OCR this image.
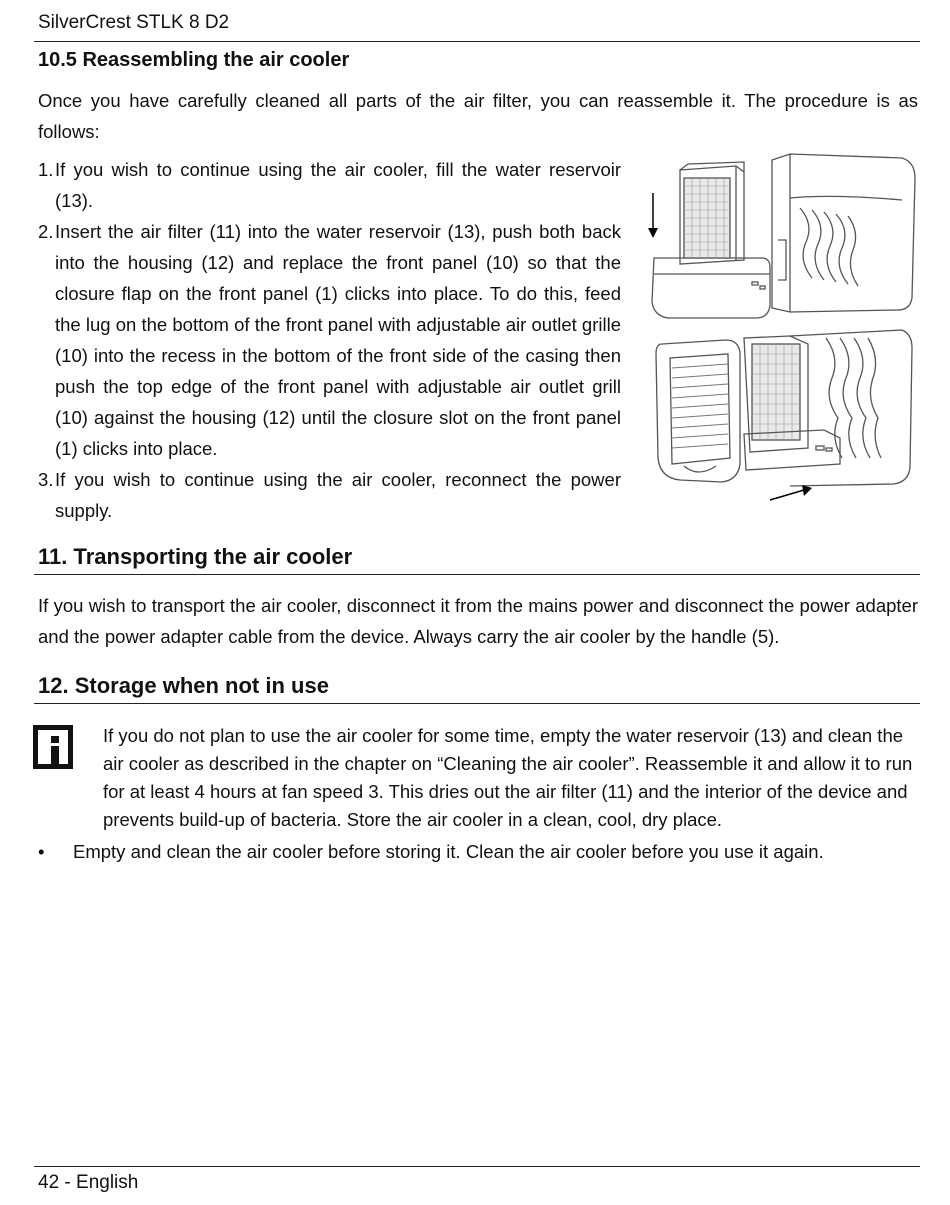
SilverCrest STLK 8 D2
10.5 Reassembling the air cooler
Once you have carefully cleaned all parts of the air filter, you can reassemble it. The procedure is as follows:
1. If you wish to continue using the air cooler, fill the water reservoir (13).
2. Insert the air filter (11) into the water reservoir (13), push both back into the housing (12) and replace the front panel (10) so that the closure flap on the front panel (1) clicks into place. To do this, feed the lug on the bottom of the front panel with adjustable air outlet grille (10) into the recess in the bottom of the front side of the casing then push the top edge of the front panel with adjustable air outlet grill (10) against the housing (12) until the closure slot on the front panel (1) clicks into place.
3. If you wish to continue using the air cooler, reconnect the power supply.
11. Transporting the air cooler
If you wish to transport the air cooler, disconnect it from the mains power and disconnect the power adapter and the power adapter cable from the device. Always carry the air cooler by the handle (5).
12. Storage when not in use
If you do not plan to use the air cooler for some time, empty the water reservoir (13) and clean the air cooler as described in the chapter on “Cleaning the air cooler”. Reassemble it and allow it to run for at least 4 hours at fan speed 3. This dries out the air filter (11) and the interior of the device and prevents build-up of bacteria. Store the air cooler in a clean, cool, dry place.
•	Empty and clean the air cooler before storing it. Clean the air cooler before you use it again.
42 - English
